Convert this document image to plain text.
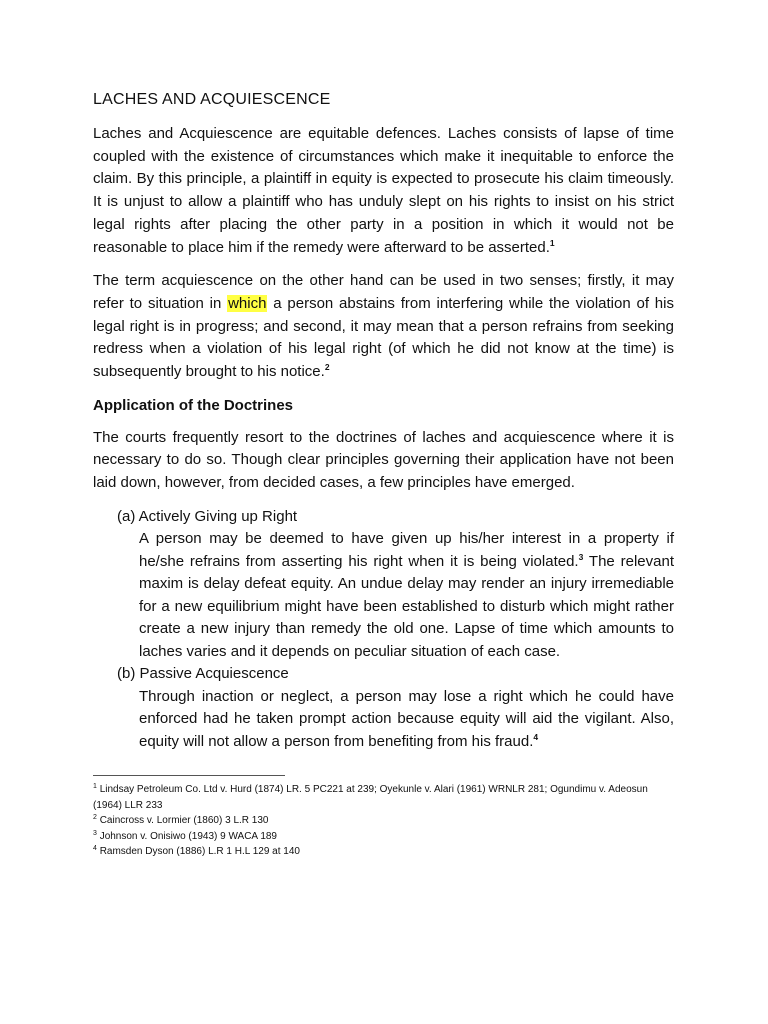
LACHES AND ACQUIESCENCE

Laches and Acquiescence are equitable defences. Laches consists of lapse of time coupled with the existence of circumstances which make it inequitable to enforce the claim. By this principle, a plaintiff in equity is expected to prosecute his claim timeously. It is unjust to allow a plaintiff who has unduly slept on his rights to insist on his strict legal rights after placing the other party in a position in which it would not be reasonable to place him if the remedy were afterward to be asserted.$^1$

The term acquiescence on the other hand can be used in two senses; firstly, it may refer to situation in which a person abstains from interfering while the violation of his legal right is in progress; and second, it may mean that a person refrains from seeking redress when a violation of his legal right (of which he did not know at the time) is subsequently brought to his notice.$^2$

Application of the Doctrines

The courts frequently resort to the doctrines of laches and acquiescence where it is necessary to do so. Though clear principles governing their application have not been laid down, however, from decided cases, a few principles have emerged.

(a) Actively Giving up Right
A person may be deemed to have given up his/her interest in a property if he/she refrains from asserting his right when it is being violated.$^3$ The relevant maxim is delay defeat equity. An undue delay may render an injury irremediable for a new equilibrium might have been established to disturb which might rather create a new injury than remedy the old one. Lapse of time which amounts to laches varies and it depends on peculiar situation of each case.
(b) Passive Acquiescence
Through inaction or neglect, a person may lose a right which he could have enforced had he taken prompt action because equity will aid the vigilant. Also, equity will not allow a person from benefiting from his fraud.$^4$
$^1$ Lindsay Petroleum Co. Ltd v. Hurd (1874) LR. 5 PC221 at 239; Oyekunle v. Alari (1961) WRNLR 281; Ogundimu v. Adeosun (1964) LLR 233
$^2$ Caincross v. Lormier (1860) 3 L.R 130
$^3$ Johnson v. Onisiwo (1943) 9 WACA 189
$^4$ Ramsden Dyson (1886) L.R 1 H.L 129 at 140
